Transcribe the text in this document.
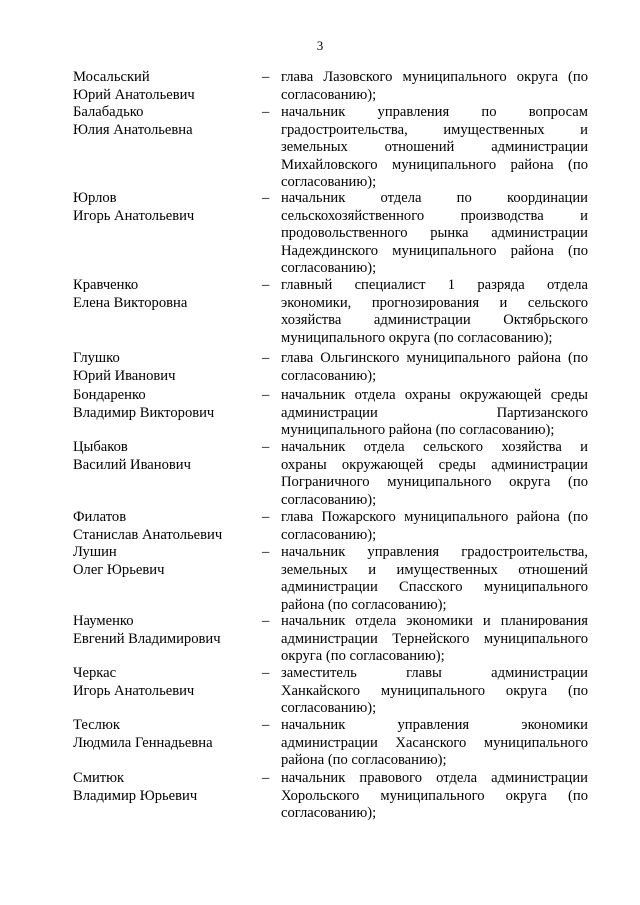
3
Мосальский
Юрий Анатольевич
– глава Лазовского муниципального округа (по
согласованию);
Балабадько
Юлия Анатольевна
– начальник управления по вопросам
градостроительства, имущественных и
земельных отношений администрации
Михайловского муниципального района (по
согласованию);
Юрлов
Игорь Анатольевич
– начальник отдела по координации
сельскохозяйственного производства и
продовольственного рынка администрации
Надеждинского муниципального района (по
согласованию);
Кравченко
Елена Викторовна
– главный специалист 1 разряда отдела
экономики, прогнозирования и сельского
хозяйства администрации Октябрьского
муниципального округа (по согласованию);
Глушко
Юрий Иванович
– глава Ольгинского муниципального района (по
согласованию);
Бондаренко
Владимир Викторович
– начальник отдела охраны окружающей среды
администрации Партизанского
муниципального района (по согласованию);
Цыбаков
Василий Иванович
– начальник отдела сельского хозяйства и
охраны окружающей среды администрации
Пограничного муниципального округа (по
согласованию);
Филатов
Станислав Анатольевич
– глава Пожарского муниципального района (по
согласованию);
Лушин
Олег Юрьевич
– начальник управления градостроительства,
земельных и имущественных отношений
администрации Спасского муниципального
района (по согласованию);
Науменко
Евгений Владимирович
– начальник отдела экономики и планирования
администрации Тернейского муниципального
округа (по согласованию);
Черкас
Игорь Анатольевич
– заместитель главы администрации
Ханкайского муниципального округа (по
согласованию);
Теслюк
Людмила Геннадьевна
– начальник управления экономики
администрации Хасанского муниципального
района (по согласованию);
Смитюк
Владимир Юрьевич
– начальник правового отдела администрации
Хорольского муниципального округа (по
согласованию);
